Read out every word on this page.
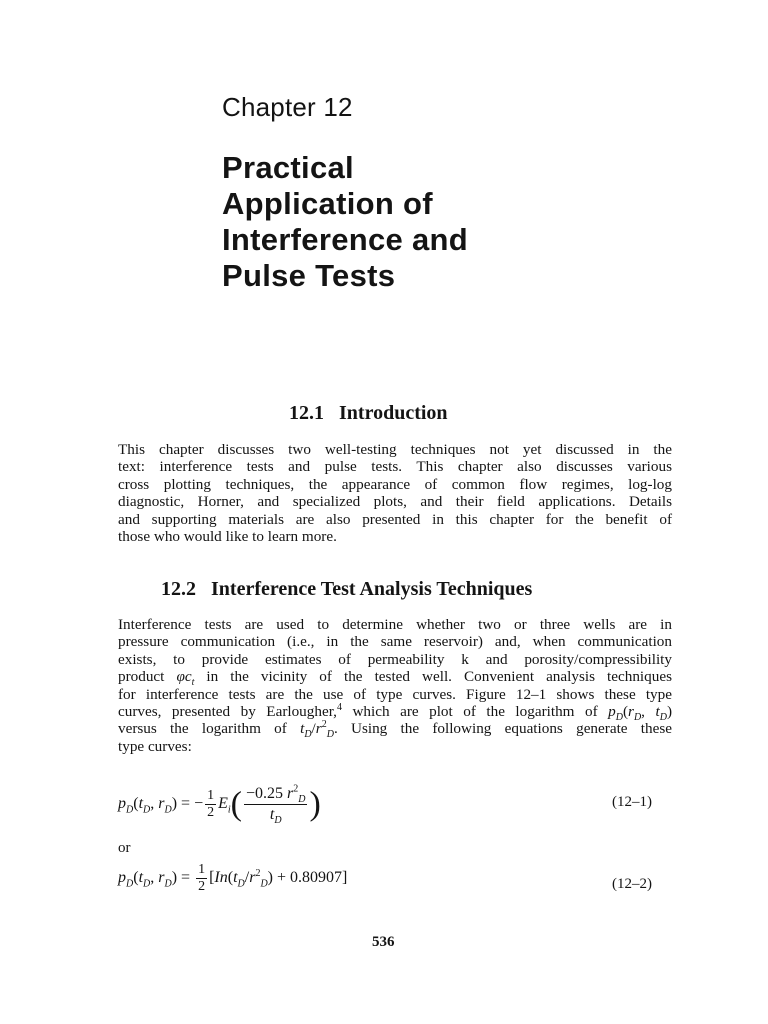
Chapter 12
Practical
Application of
Interference and
Pulse Tests
12.1 Introduction
This chapter discusses two well-testing techniques not yet discussed in the
text: interference tests and pulse tests. This chapter also discusses various
cross plotting techniques, the appearance of common flow regimes, log-log
diagnostic, Horner, and specialized plots, and their field applications. Details
and supporting materials are also presented in this chapter for the benefit of
those who would like to learn more.
12.2 Interference Test Analysis Techniques
Interference tests are used to determine whether two or three wells are in
pressure communication (i.e., in the same reservoir) and, when communication
exists, to provide estimates of permeability k and porosity/compressibility
product $\varphi c_t$ in the vicinity of the tested well. Convenient analysis techniques
for interference tests are the use of type curves. Figure 12–1 shows these type
curves, presented by Earlougher,$^4$ which are plot of the logarithm of $p_D(r_D$, $t_D$)
versus the logarithm of $t_D/r^2_D$. Using the following equations generate these
type curves:
$p_D(t_D$, $r_D$) = − $\frac{1}{2} E_i( \frac{-0.25 r^2_D}{t_D}$ )	(12–1)
or
$p_D(t_D$, $r_D) = \frac{1}{2} [In(t_D/r^2_D) + 0.80907]$	(12–2)
536
